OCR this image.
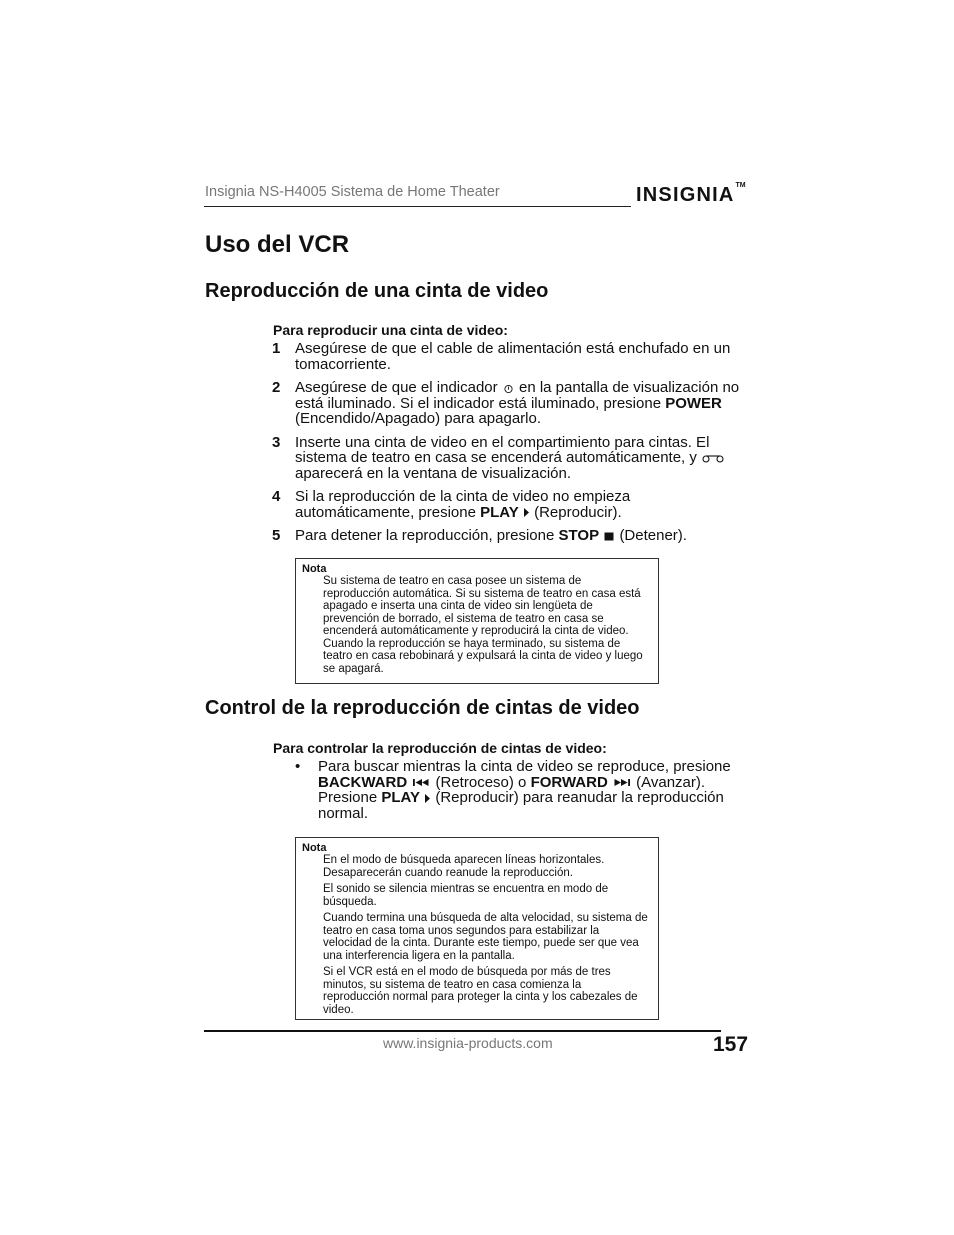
Insignia NS-H4005 Sistema de Home Theater	INSIGNIA™
Uso del VCR
Reproducción de una cinta de video
Para reproducir una cinta de video:
1 Asegúrese de que el cable de alimentación está enchufado en un tomacorriente.
2 Asegúrese de que el indicador en la pantalla de visualización no está iluminado. Si el indicador está iluminado, presione POWER (Encendido/Apagado) para apagarlo.
3 Inserte una cinta de video en el compartimiento para cintas. El sistema de teatro en casa se encenderá automáticamente, y  aparecerá en la ventana de visualización.
4 Si la reproducción de la cinta de video no empieza automáticamente, presione PLAY (Reproducir).
5 Para detener la reproducción, presione STOP (Detener).
Nota

Su sistema de teatro en casa posee un sistema de reproducción automática. Si su sistema de teatro en casa está apagado e inserta una cinta de video sin lengüeta de prevención de borrado, el sistema de teatro en casa se encenderá automáticamente y reproducirá la cinta de video. Cuando la reproducción se haya terminado, su sistema de teatro en casa rebobinará y expulsará la cinta de video y luego se apagará.

Control de la reproducción de cintas de video
Para controlar la reproducción de cintas de video:
• Para buscar mientras la cinta de video se reproduce, presione BACKWARD (Retroceso) o FORWARD (Avanzar). Presione PLAY (Reproducir) para reanudar la reproducción normal.
Nota

En el modo de búsqueda aparecen líneas horizontales. Desaparecerán cuando reanude la reproducción.

El sonido se silencia mientras se encuentra en modo de búsqueda.

Cuando termina una búsqueda de alta velocidad, su sistema de teatro en casa toma unos segundos para estabilizar la velocidad de la cinta. Durante este tiempo, puede ser que vea una interferencia ligera en la pantalla.

Si el VCR está en el modo de búsqueda por más de tres minutos, su sistema de teatro en casa comienza la reproducción normal para proteger la cinta y los cabezales de video.

www.insignia-products.com	157
